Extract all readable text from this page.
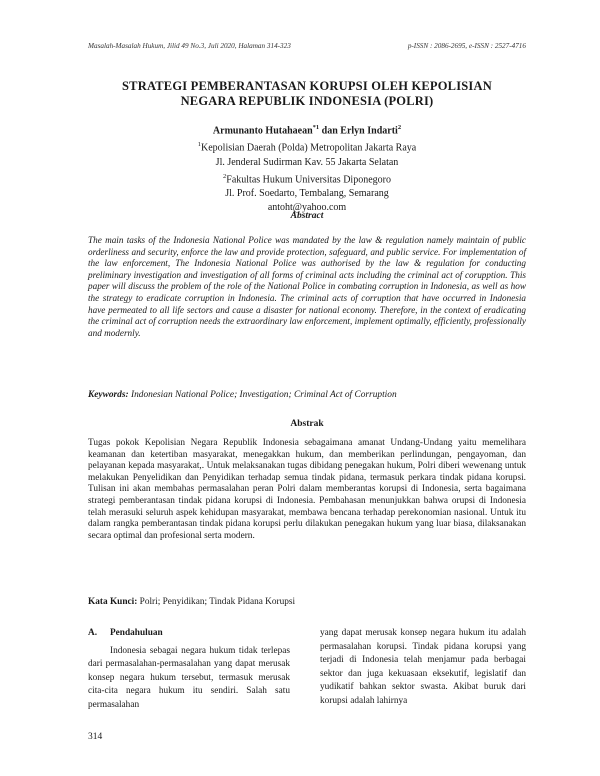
Masalah-Masalah Hukum, Jilid 49 No.3, Juli 2020, Halaman 314-323	p-ISSN : 2086-2695, e-ISSN : 2527-4716
STRATEGI PEMBERANTASAN KORUPSI OLEH KEPOLISIAN
NEGARA REPUBLIK INDONESIA (POLRI)
Armunanto Hutahaean$^{*1}$ dan Erlyn Indarti$^2$
$^1$Kepolisian Daerah (Polda) Metropolitan Jakarta Raya
Jl. Jenderal Sudirman Kav. 55 Jakarta Selatan
$^2$Fakultas Hukum Universitas Diponegoro
Jl. Prof. Soedarto, Tembalang, Semarang
antoht@yahoo.com
Abstract
The main tasks of the Indonesia National Police was mandated by the law & regulation namely maintain of public orderliness and security, enforce the law and provide protection, safeguard, and public service. For implementation of the law enforcement, The Indonesia National Police was authorised by the law & regulation for conducting preliminary investigation and investigation of all forms of criminal acts including the criminal act of corupption. This paper will discuss the problem of the role of the National Police in combating corruption in Indonesia, as well as how the strategy to eradicate corruption in Indonesia. The criminal acts of corruption that have occurred in Indonesia have permeated to all life sectors and cause a disaster for national economy. Therefore, in the context of eradicating the criminal act of corruption needs the extraordinary law enforcement, implement optimally, efficiently, professionally and modernly.
Keywords: Indonesian National Police; Investigation; Criminal Act of Corruption
Abstrak
Tugas pokok Kepolisian Negara Republik Indonesia sebagaimana amanat Undang-Undang yaitu memelihara keamanan dan ketertiban masyarakat, menegakkan hukum, dan memberikan perlindungan, pengayoman, dan pelayanan kepada masyarakat,. Untuk melaksanakan tugas dibidang penegakan hukum, Polri diberi wewenang untuk melakukan Penyelidikan dan Penyidikan terhadap semua tindak pidana, termasuk perkara tindak pidana korupsi. Tulisan ini akan membahas permasalahan peran Polri dalam memberantas korupsi di Indonesia, serta bagaimana strategi pemberantasan tindak pidana korupsi di Indonesia. Pembahasan menunjukkan bahwa orupsi di Indonesia telah merasuki seluruh aspek kehidupan masyarakat, membawa bencana terhadap perekonomian nasional. Untuk itu dalam rangka pemberantasan tindak pidana korupsi perlu dilakukan penegakan hukum yang luar biasa, dilaksanakan secara optimal dan profesional serta modern.
Kata Kunci: Polri; Penyidikan; Tindak Pidana Korupsi
A. Pendahuluan
Indonesia sebagai negara hukum tidak terlepas dari permasalahan-permasalahan yang dapat merusak konsep negara hukum tersebut, termasuk merusak cita-cita negara hukum itu sendiri. Salah satu permasalahan
yang dapat merusak konsep negara hukum itu adalah permasalahan korupsi. Tindak pidana korupsi yang terjadi di Indonesia telah menjamur pada berbagai sektor dan juga kekuasaan eksekutif, legislatif dan yudikatif bahkan sektor swasta. Akibat buruk dari korupsi adalah lahirnya
314
